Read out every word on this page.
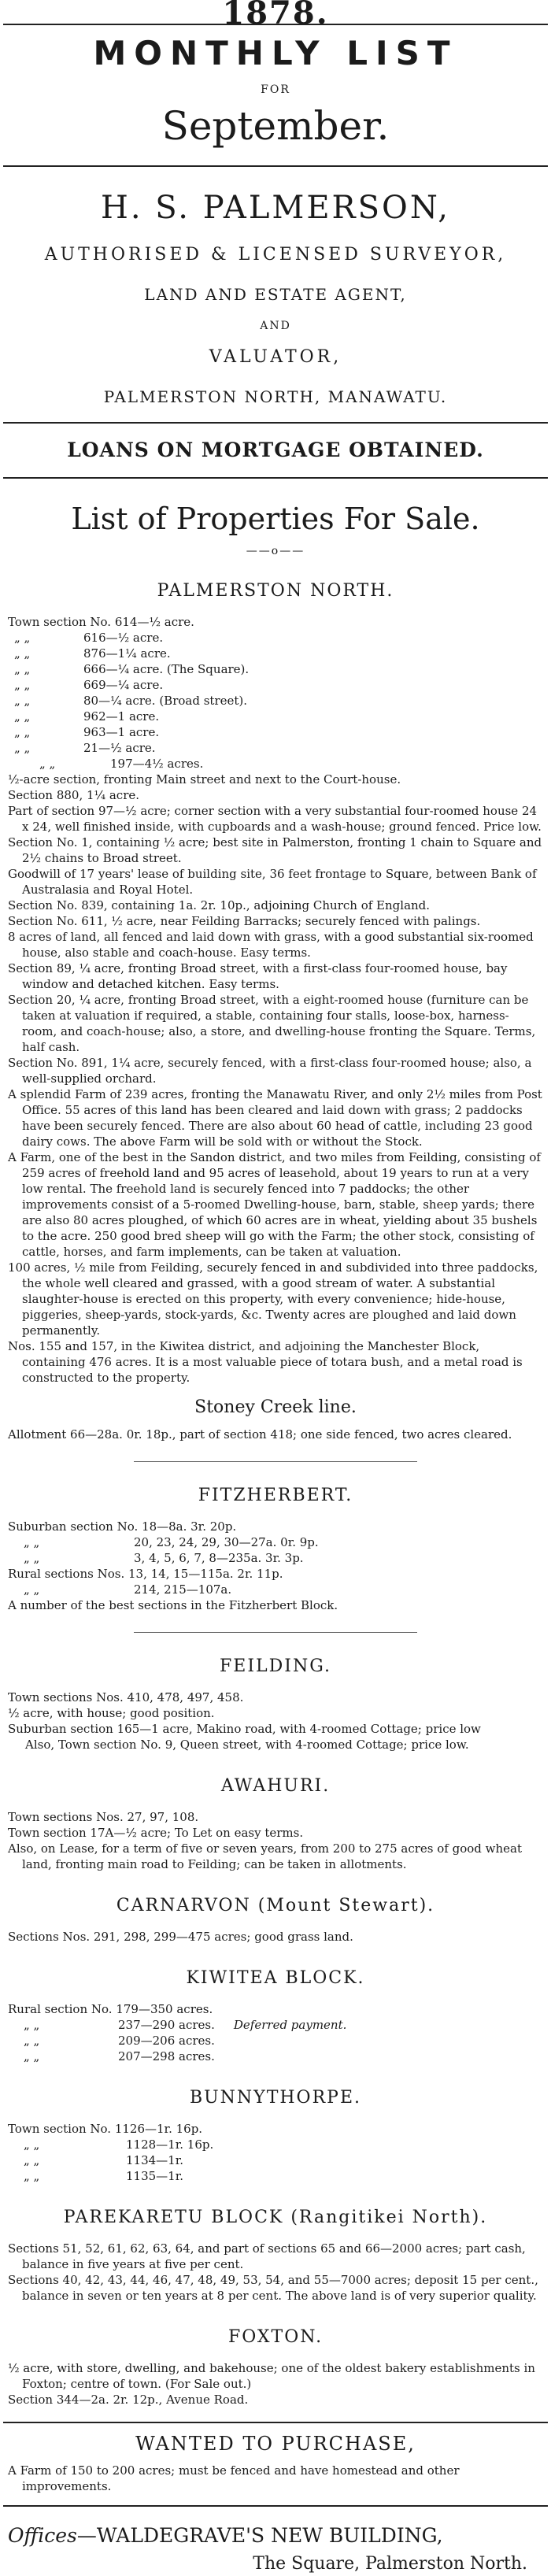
1878.
MONTHLY LIST
FOR
September.
H. S. PALMERSON,
AUTHORISED & LICENSED SURVEYOR,
LAND AND ESTATE AGENT,
AND
VALUATOR,
PALMERSTON NORTH, MANAWATU.
LOANS ON MORTGAGE OBTAINED.
List of Properties For Sale.
——o——
PALMERSTON NORTH.

Town section No. 614—½ acre.

„ „	616—½ acre.
„ „	876—1¼ acre.
„ „	666—¼ acre. (The Square).
„ „	669—¼ acre.
„ „	80—¼ acre. (Broad street).
„ „	962—1 acre.
„ „	963—1 acre.
„ „	21—½ acre.
„ „	197—4½ acres.

½-acre section, fronting Main street and next to the Court-house.

Section 880, 1¼ acre.

Part of section 97—½ acre; corner section with a very substantial four-roomed house 24 x 24, well finished inside, with cupboards and a wash-house; ground fenced. Price low.

Section No. 1, containing ½ acre; best site in Palmerston, fronting 1 chain to Square and 2½ chains to Broad street.

Goodwill of 17 years' lease of building site, 36 feet frontage to Square, between Bank of Australasia and Royal Hotel.

Section No. 839, containing 1a. 2r. 10p., adjoining Church of England.

Section No. 611, ½ acre, near Feilding Barracks; securely fenced with palings.

8 acres of land, all fenced and laid down with grass, with a good substantial six-roomed house, also stable and coach-house. Easy terms.

Section 89, ¼ acre, fronting Broad street, with a first-class four-roomed house, bay window and detached kitchen. Easy terms.

Section 20, ¼ acre, fronting Broad street, with a eight-roomed house (furniture can be taken at valuation if required, a stable, containing four stalls, loose-box, harness-room, and coach-house; also, a store, and dwelling-house fronting the Square. Terms, half cash.

Section No. 891, 1¼ acre, securely fenced, with a first-class four-roomed house; also, a well-supplied orchard.

A splendid Farm of 239 acres, fronting the Manawatu River, and only 2½ miles from Post Office. 55 acres of this land has been cleared and laid down with grass; 2 paddocks have been securely fenced. There are also about 60 head of cattle, including 23 good dairy cows. The above Farm will be sold with or without the Stock.

A Farm, one of the best in the Sandon district, and two miles from Feilding, consisting of 259 acres of freehold land and 95 acres of leasehold, about 19 years to run at a very low rental. The freehold land is securely fenced into 7 paddocks; the other improvements consist of a 5-roomed Dwelling-house, barn, stable, sheep yards; there are also 80 acres ploughed, of which 60 acres are in wheat, yielding about 35 bushels to the acre. 250 good bred sheep will go with the Farm; the other stock, consisting of cattle, horses, and farm implements, can be taken at valuation.

100 acres, ½ mile from Feilding, securely fenced in and subdivided into three paddocks, the whole well cleared and grassed, with a good stream of water. A substantial slaughter-house is erected on this property, with every convenience; hide-house, piggeries, sheep-yards, stock-yards, &c. Twenty acres are ploughed and laid down permanently.

Nos. 155 and 157, in the Kiwitea district, and adjoining the Manchester Block, containing 476 acres. It is a most valuable piece of totara bush, and a metal road is constructed to the property.

Stoney Creek line.

Allotment 66—28a. 0r. 18p., part of section 418; one side fenced, two acres cleared.

FITZHERBERT.
Suburban section No. 18—8a. 3r. 20p.
„ „	20, 23, 24, 29, 30—27a. 0r. 9p.
„ „	3, 4, 5, 6, 7, 8—235a. 3r. 3p.
Rural sections Nos. 13, 14, 15—115a. 2r. 11p.
„ „	214, 215—107a.
A number of the best sections in the Fitzherbert Block.
FEILDING.

Town sections Nos. 410, 478, 497, 458.

½ acre, with house; good position.

Suburban section 165—1 acre, Makino road, with 4-roomed Cottage; price low

Also, Town section No. 9, Queen street, with 4-roomed Cottage; price low.

AWAHURI.

Town sections Nos. 27, 97, 108.

Town section 17A—½ acre; To Let on easy terms.

Also, on Lease, for a term of five or seven years, from 200 to 275 acres of good wheat land, fronting main road to Feilding; can be taken in allotments.

CARNARVON (Mount Stewart).

Sections Nos. 291, 298, 299—475 acres; good grass land.

KIWITEA BLOCK.
Rural section No. 179—350 acres.
„ „	237—290 acres. Deferred payment.
„ „	209—206 acres.
„ „	207—298 acres.
BUNNYTHORPE.
Town section No. 1126—1r. 16p.
„ „	1128—1r. 16p.
„ „	1134—1r.
„ „	1135—1r.
PAREKARETU BLOCK (Rangitikei North).

Sections 51, 52, 61, 62, 63, 64, and part of sections 65 and 66—2000 acres; part cash, balance in five years at five per cent.

Sections 40, 42, 43, 44, 46, 47, 48, 49, 53, 54, and 55—7000 acres; deposit 15 per cent., balance in seven or ten years at 8 per cent. The above land is of very superior quality.

FOXTON.

½ acre, with store, dwelling, and bakehouse; one of the oldest bakery establishments in Foxton; centre of town. (For Sale out.)

Section 344—2a. 2r. 12p., Avenue Road.

WANTED TO PURCHASE,

A Farm of 150 to 200 acres; must be fenced and have homestead and other improvements.

Offices—WALDEGRAVE'S NEW BUILDING,
The Square, Palmerston North.
